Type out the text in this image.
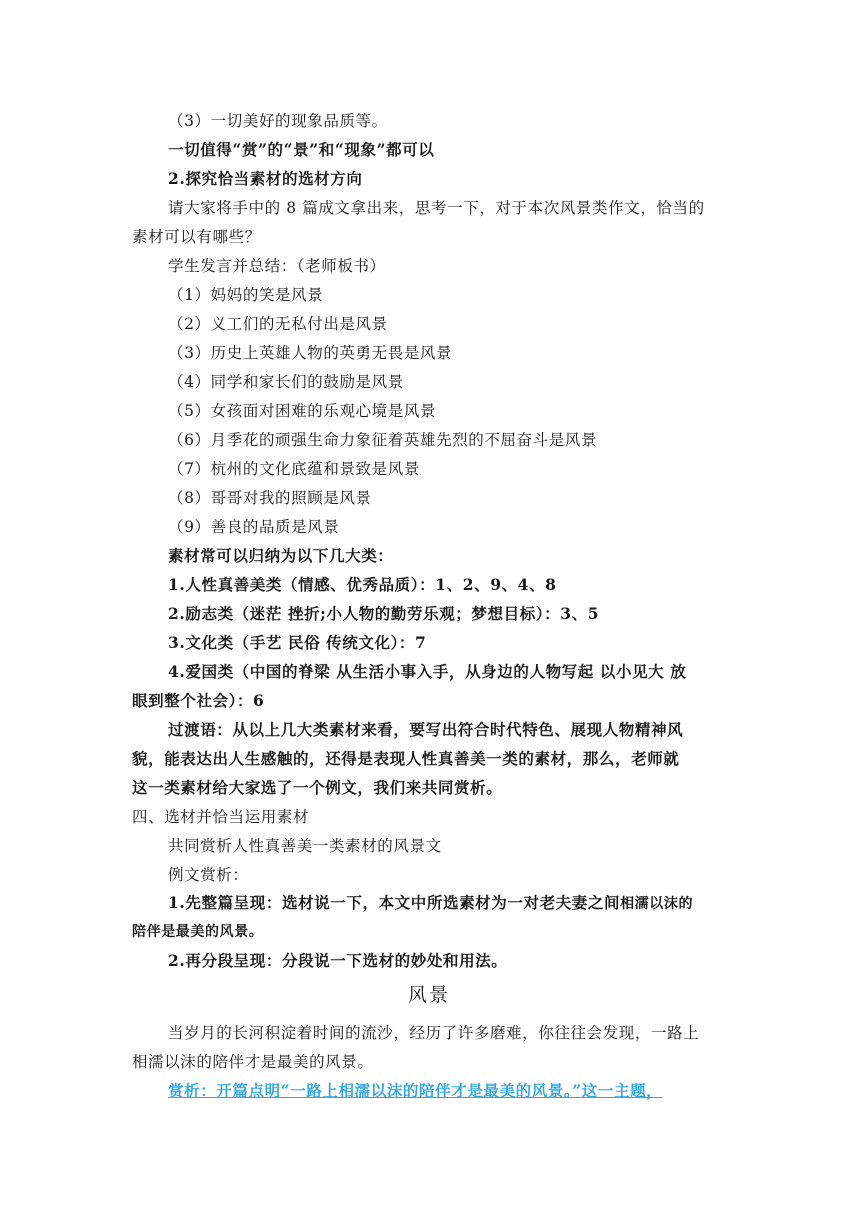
（3）一切美好的现象品质等。
一切值得“赏”的“景”和“现象”都可以
2.探究恰当素材的选材方向
请大家将手中的 8 篇成文拿出来，思考一下，对于本次风景类作文，恰当的
素材可以有哪些？
学生发言并总结：（老师板书）
（1）妈妈的笑是风景
（2）义工们的无私付出是风景
（3）历史上英雄人物的英勇无畏是风景
（4）同学和家长们的鼓励是风景
（5）女孩面对困难的乐观心境是风景
（6）月季花的顽强生命力象征着英雄先烈的不屈奋斗是风景
（7）杭州的文化底蕴和景致是风景
（8）哥哥对我的照顾是风景
（9）善良的品质是风景
素材常可以归纳为以下几大类：
1.人性真善美类（情感、优秀品质）：1、2、9、4、8
2.励志类（迷茫 挫折;小人物的勤劳乐观；梦想目标）：3、5
3.文化类（手艺 民俗 传统文化）：7
4.爱国类（中国的脊梁 从生活小事入手，从身边的人物写起 以小见大 放
眼到整个社会）：6
过渡语：从以上几大类素材来看，要写出符合时代特色、展现人物精神风
貌，能表达出人生感触的，还得是表现人性真善美一类的素材，那么，老师就
这一类素材给大家选了一个例文，我们来共同赏析。
四、选材并恰当运用素材
共同赏析人性真善美一类素材的风景文
例文赏析：
1.先整篇呈现：选材说一下，本文中所选素材为一对老夫妻之间相濡以沫的
陪伴是最美的风景。
2.再分段呈现：分段说一下选材的妙处和用法。
风景
当岁月的长河积淀着时间的流沙，经历了许多磨难，你往往会发现，一路上
相濡以沫的陪伴才是最美的风景。
赏析：开篇点明“一路上相濡以沫的陪伴才是最美的风景。”这一主题，
